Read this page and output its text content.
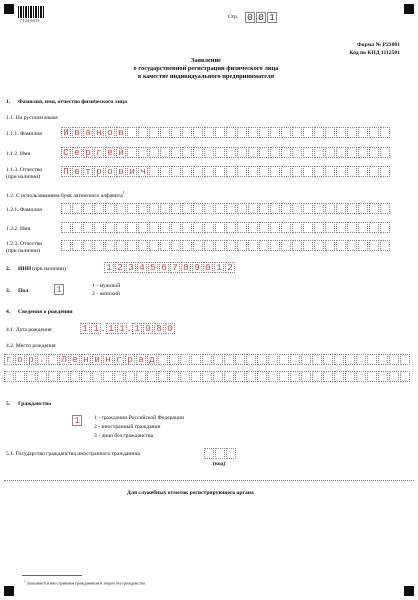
7134 6013

Стр. 0 0 1
Форма № Р21001
Код по КНД 1112501
Заявление
о государственной регистрации физического лица
в качестве индивидуального предпринимателя
1. Фамилия, имя, отчество физического лица
1.1. На русском языке
1.1.1. Фамилия И в а н о в
1.1.2. Имя	С е р г е й
1.1.3. Отчество
(при наличии) П е т р о в и ч
1.2. С использованием букв латинского алфавита$^1$
1.2.1. Фамилия
1.2.2. Имя
1.2.3. Отчество
(при наличии)
2. ИНН (при наличии)	1 2 3 4 5 6 7 8 9 0 1 2
3. Пол	1	1 - мужской
2 - женский
4. Сведения о рождении
4.1. Дата рождения	1 1 . 1 1 . 1 9 8 0
4.2. Место рождения
г о р . Л е н и н г р а д
5. Гражданство
1	1 - гражданин Российской Федерации
2 - иностранный гражданин
3 - лицо без гражданства
5.1. Государство гражданства иностранного гражданина
(код)
Для служебных отметок регистрирующего органа
$^1$ Заполняется иностранным гражданином и лицом без гражданства.
